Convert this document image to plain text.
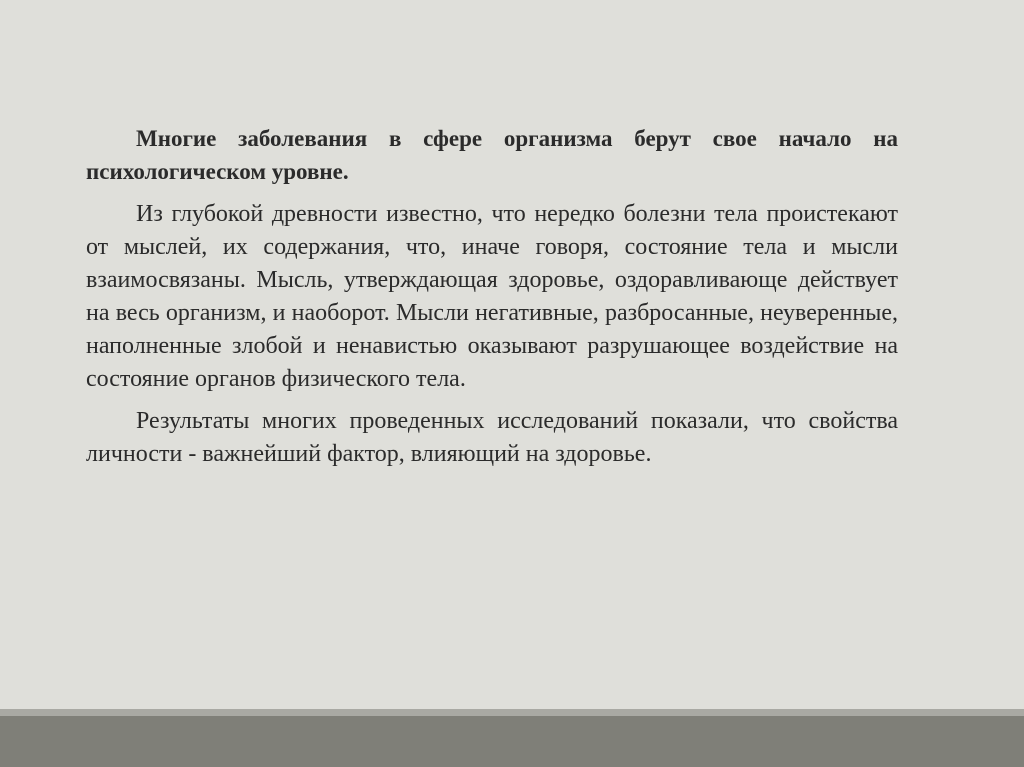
Многие заболевания в сфере организма берут свое начало на психологическом уровне.

Из глубокой древности известно, что нередко болезни тела проистекают от мыслей, их содержания, что, иначе говоря, состояние тела и мысли взаимосвязаны. Мысль, утверждающая здоровье, оздоравливающе действует на весь организм, и наоборот. Мысли негативные, разбросанные, неуверенные, наполненные злобой и ненавистью оказывают разрушающее воздействие на состояние органов физического тела.

Результаты многих проведенных исследований показали, что свойства личности - важнейший фактор, влияющий на здоровье.
